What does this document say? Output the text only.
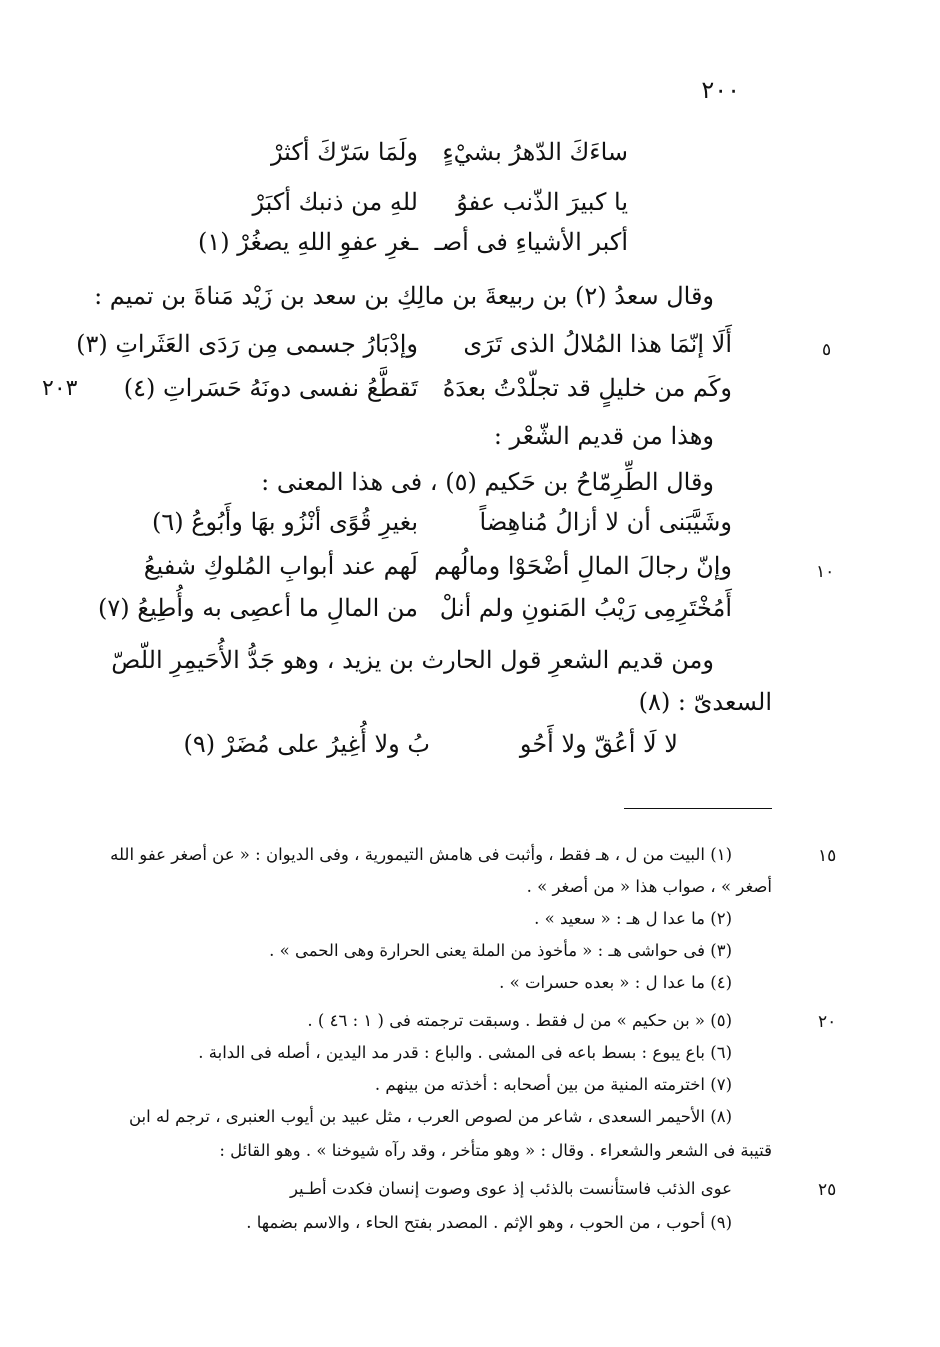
٢٠٠
ساءَكَ الدّهرُ بشيْءٍ
ولَمَا سَرّكَ أكثرْ
يا كبيرَ الذّنب عفوُ
للهِ من ذنبك أكبَرْ
أكبر الأشياءِ فى أصـ
ـغرِ عفوِ اللهِ يصغُرْ (١)
وقال سعدُ (٢) بن ربيعةَ بن مالِكِ بن سعد بن زَيْد مَناةَ بن تميم :
٥
أَلَا إنّمَا هذا المُلالُ الذى تَرَى
وإدْبَارُ جسمى مِن رَدَى العَثَراتِ (٣)
٢٠٣	وكَم من خليلٍ قد تجلّدْتُ بعدَهُ
تَقطَّعُ نفسى دونَهُ حَسَراتِ (٤)
وهذا من قديم الشّعْر :
وقال الطِّرِمّاحُ بن حَكيم (٥) ، فى هذا المعنى :
وشَيَّبَنى أن لا أزالُ مُناهِضاً
بغيرِ قُوًى أنْزُو بهَا وأَبُوعُ (٦)
١٠
وإنّ رجالَ المالِ أضْحَوْا ومالُهم
لَهم عند أبوابِ المُلوكِ شفيعُ
أَمُخْتَرِمِى رَيْبُ المَنونِ ولم أنلْ
من المالِ ما أعصِى به وأُطِيعُ (٧)
ومن قديم الشعرِ قول الحارث بن يزيد ، وهو جَدُّ الأُحَيمِرِ اللّصّ
السعدىّ : (٨)
لا لَا أعُقّ ولا أَحُو
بُ ولا أُغِيرُ على مُضَرْ (٩)
١٥
(١) البيت من ل ، هـ فقط ، وأثبت فى هامش التيمورية ، وفى الديوان : « عن أصغر عفو الله
أصغر » ، صواب هذا « من أصغر » .
(٢) ما عدا ل هـ : « سعيد » .
(٣) فى حواشى هـ : « مأخوذ من الملة يعنى الحرارة وهى الحمى » .
(٤) ما عدا ل : « بعده حسرات » .
٢٠
(٥) « بن حكيم » من ل فقط . وسبقت ترجمته فى ( ١ : ٤٦ ) .
(٦) باع يبوع : بسط باعه فى المشى . والباع : قدر مد اليدين ، أصله فى الدابة .
(٧) اخترمته المنية من بين أصحابه : أخذته من بينهم .
(٨) الأحيمر السعدى ، شاعر من لصوص العرب ، مثل عبيد بن أيوب العنبرى ، ترجم له ابن
قتيبة فى الشعر والشعراء . وقال : « وهو متأخر ، وقد رآه شيوخنا » . وهو القائل :
٢٥
عوى الذئب فاستأنست بالذئب إذ عوى وصوت إنسان فكدت أطـير
(٩) أحوب ، من الحوب ، وهو الإثم . المصدر بفتح الحاء ، والاسم بضمها .
